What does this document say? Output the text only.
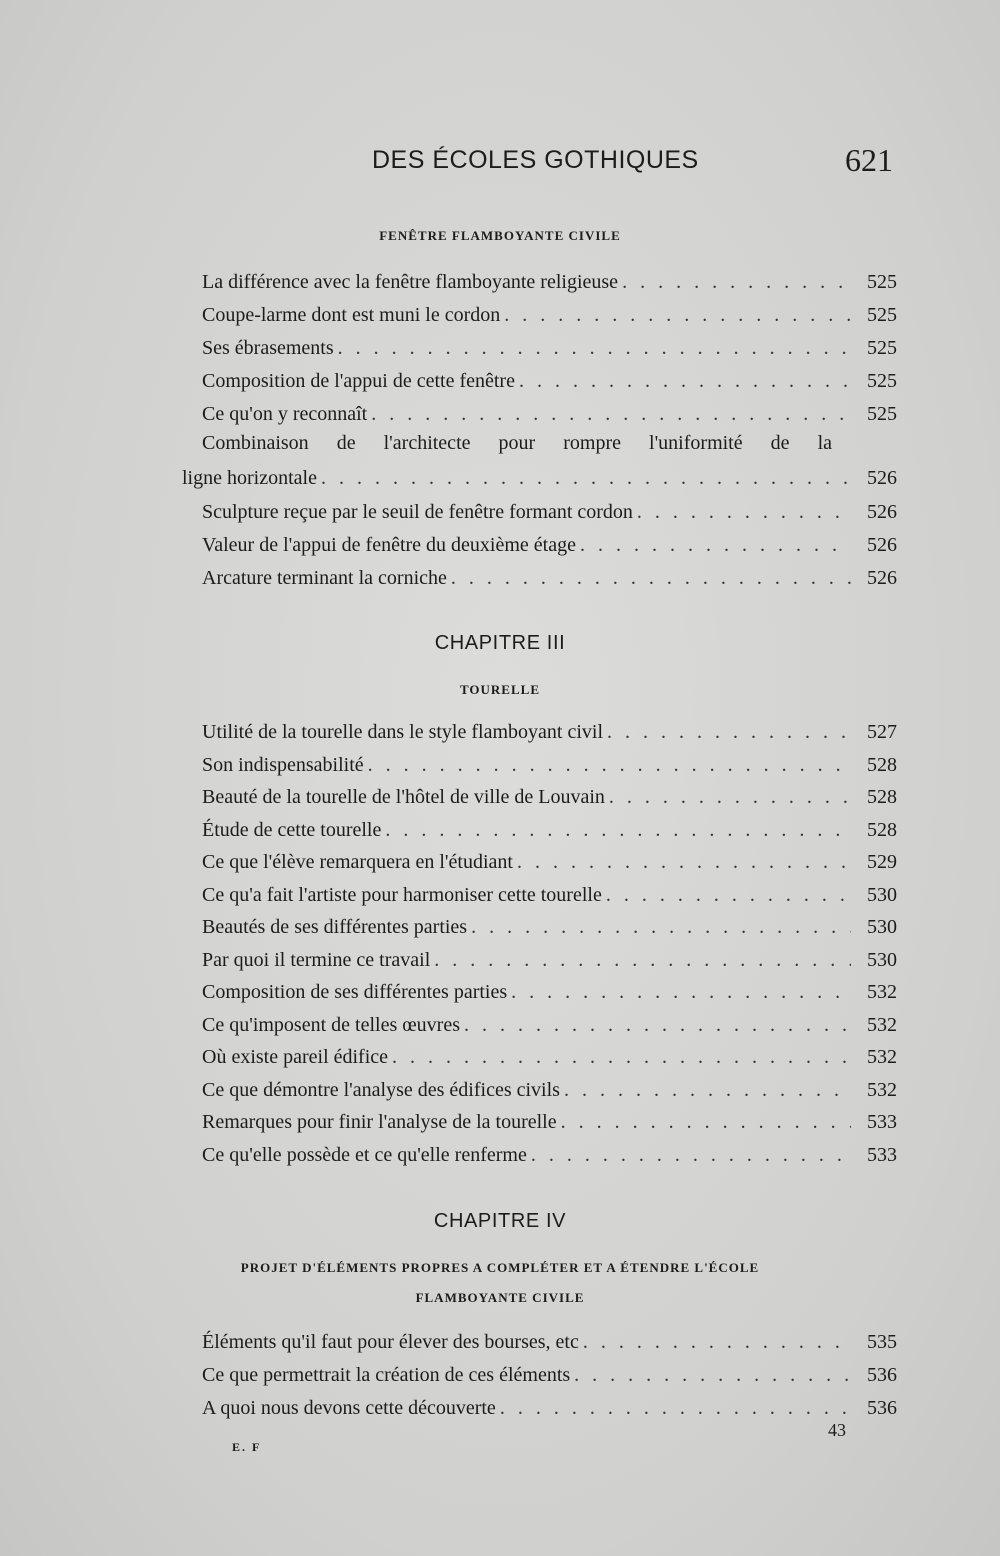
DES ÉCOLES GOTHIQUES	621
FENÊTRE FLAMBOYANTE CIVILE
La différence avec la fenêtre flamboyante religieuse . . .	525
Coupe-larme dont est muni le cordon . . .	525
Ses ébrasements . . .	525
Composition de l'appui de cette fenêtre . . .	525
Ce qu'on y reconnaît . . .	525
Combinaison de l'architecte pour rompre l'uniformité de la
ligne horizontale . . .	526
Sculpture reçue par le seuil de fenêtre formant cordon . . .	526
Valeur de l'appui de fenêtre du deuxième étage . . .	526
Arcature terminant la corniche . . .	526
CHAPITRE III
TOURELLE
Utilité de la tourelle dans le style flamboyant civil . . .	527
Son indispensabilité . . .	528
Beauté de la tourelle de l'hôtel de ville de Louvain . . .	528
Étude de cette tourelle . . .	528
Ce que l'élève remarquera en l'étudiant . . .	529
Ce qu'a fait l'artiste pour harmoniser cette tourelle . . .	530
Beautés de ses différentes parties . . .	530
Par quoi il termine ce travail . . .	530
Composition de ses différentes parties . . .	532
Ce qu'imposent de telles œuvres . . .	532
Où existe pareil édifice . . .	532
Ce que démontre l'analyse des édifices civils . . .	532
Remarques pour finir l'analyse de la tourelle . . .	533
Ce qu'elle possède et ce qu'elle renferme . . .	533
CHAPITRE IV
PROJET D'ÉLÉMENTS PROPRES A COMPLÉTER ET A ÉTENDRE L'ÉCOLE
FLAMBOYANTE CIVILE
Éléments qu'il faut pour élever des bourses, etc . . .	535
Ce que permettrait la création de ces éléments . . .	536
A quoi nous devons cette découverte . . .	536
E. F
43
